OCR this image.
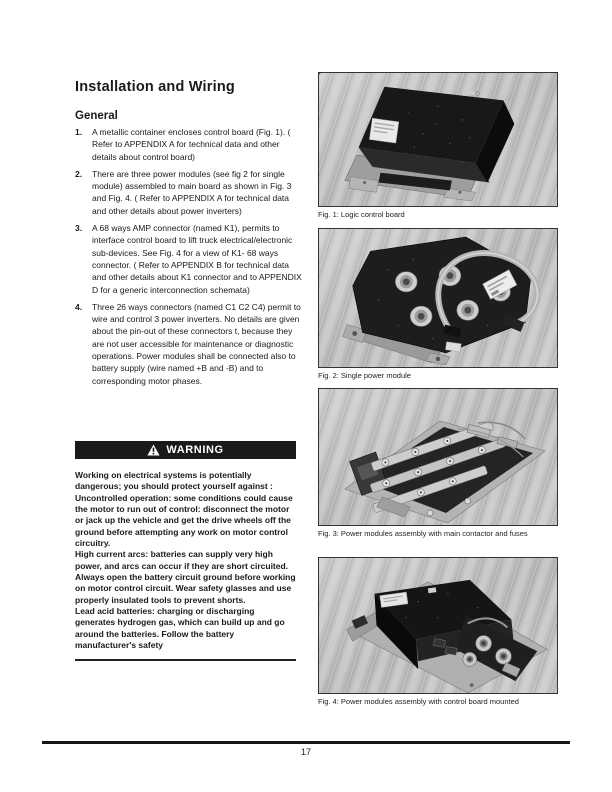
Installation and Wiring
General
1.	A metallic container encloses control board (Fig. 1). ( Refer to APPENDIX A for technical data and other details about control board)
2.	There are three power modules (see fig 2 for single module) assembled to main board as shown in Fig. 3 and Fig. 4. ( Refer to APPENDIX A for technical data and other details about power inverters)
3.	A 68 ways AMP connector (named K1), permits to interface control board to lift truck electrical/electronic sub-devices. See Fig. 4 for a view of K1- 68 ways connector. ( Refer to APPENDIX B for technical data and other details about K1 connector and to APPENDIX D for a generic interconnection schemata)
4.	Three 26 ways connectors (named C1 C2 C4) permit to wire and control 3 power inverters. No details are given about the pin-out of these connectors t, because they are not user accessible for maintenance or diagnostic operations. Power modules shall be connected also to battery supply (wire named +B and -B) and to corresponding motor phases.
WARNING

Working on electrical systems is potentially dangerous; you should protect yourself against :

Uncontrolled operation: some conditions could cause the motor to run out of control: disconnect the motor or jack up the vehicle and get the drive wheels off the ground before attempting any work on motor control circuitry.

High current arcs: batteries can supply very high power, and arcs can occur if they are short circuited. Always open the battery circuit ground before working on motor control circuit. Wear safety glasses and use properly insulated tools to prevent shorts.

Lead acid batteries: charging or discharging generates hydrogen gas, which can build up and go around the batteries. Follow the battery manufacturer's safety

Fig. 1: Logic control board
Fig. 2: Single power module
Fig. 3: Power modules assembly with main contactor and fuses
Fig. 4: Power modules assembly with control board mounted
17
